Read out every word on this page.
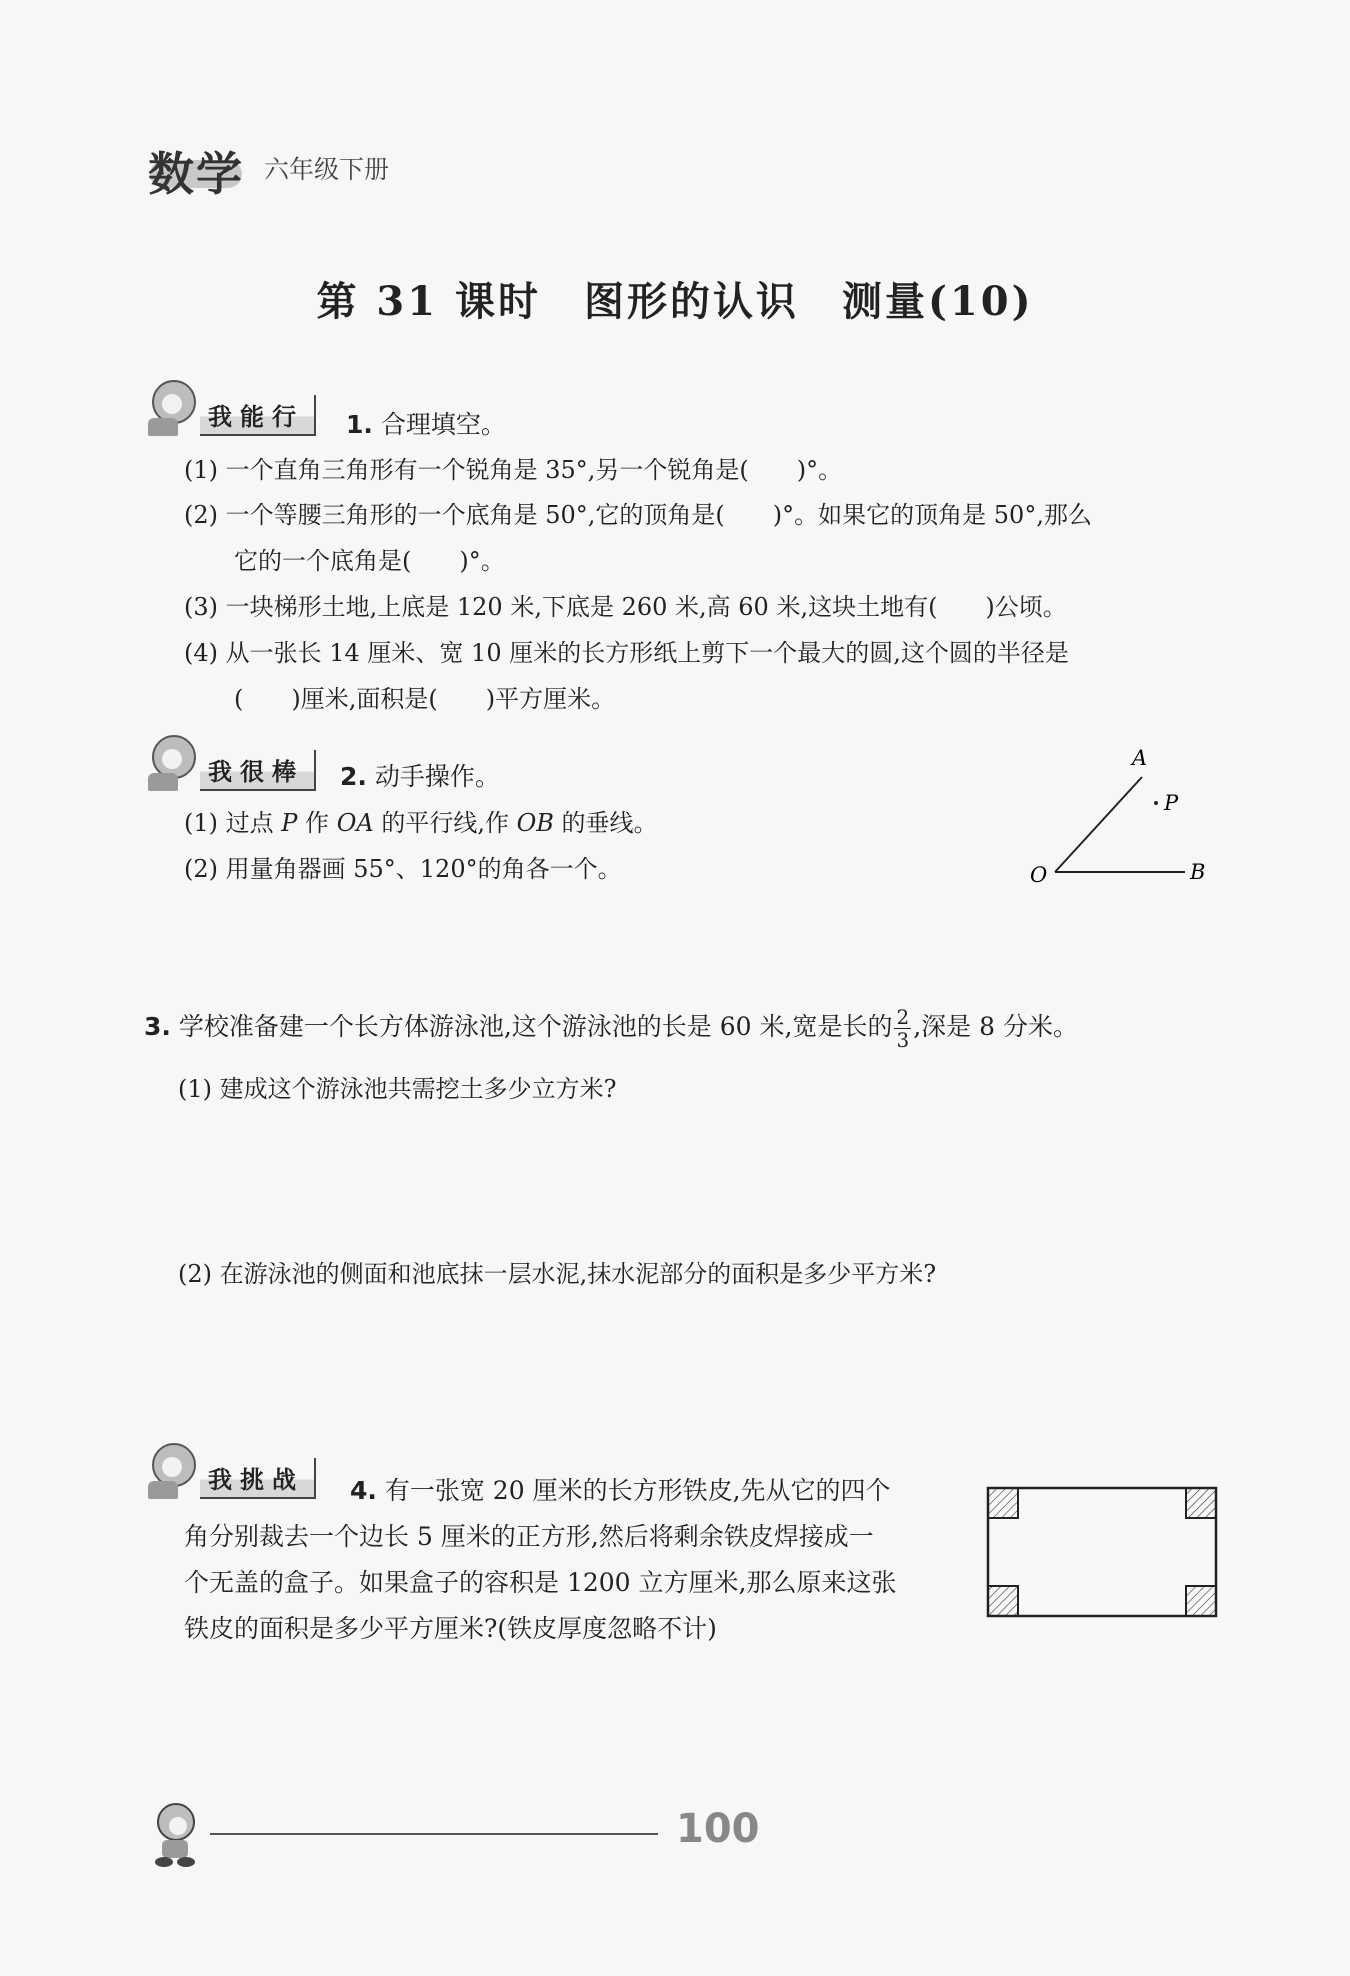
数学 六年级下册
第 31 课时　图形的认识　测量(10)
我能行	1. 合理填空。
(1) 一个直角三角形有一个锐角是 35°,另一个锐角是(　　)°。
(2) 一个等腰三角形的一个底角是 50°,它的顶角是(　　)°。如果它的顶角是 50°,那么
它的一个底角是(　　)°。
(3) 一块梯形土地,上底是 120 米,下底是 260 米,高 60 米,这块土地有(　　)公顷。
(4) 从一张长 14 厘米、宽 10 厘米的长方形纸上剪下一个最大的圆,这个圆的半径是
(　　)厘米,面积是(　　)平方厘米。
我很棒	2. 动手操作。
(1) 过点 P 作 OA 的平行线,作 OB 的垂线。
(2) 用量角器画 55°、120°的角各一个。
A
P
O	B
3. 学校准备建一个长方体游泳池,这个游泳池的长是 60 米,宽是长的 $\frac{2}{3}$ ,深是 8 分米。
(1) 建成这个游泳池共需挖土多少立方米?
(2) 在游泳池的侧面和池底抹一层水泥,抹水泥部分的面积是多少平方米?
我挑战	4. 有一张宽 20 厘米的长方形铁皮,先从它的四个
角分别裁去一个边长 5 厘米的正方形,然后将剩余铁皮焊接成一
个无盖的盒子。如果盒子的容积是 1200 立方厘米,那么原来这张
铁皮的面积是多少平方厘米?(铁皮厚度忽略不计)
100
